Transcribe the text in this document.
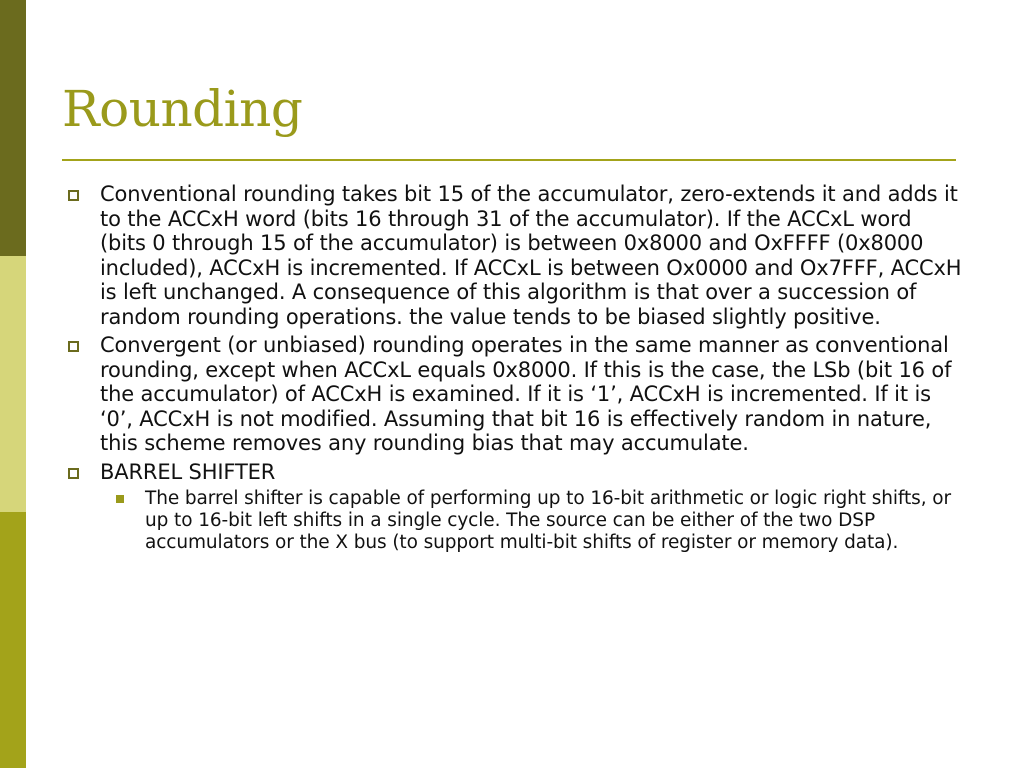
Rounding
Conventional rounding takes bit 15 of the accumulator, zero-extends it and adds it to the ACCxH word (bits 16 through 31 of the accumulator). If the ACCxL word (bits 0 through 15 of the accumulator) is between 0x8000 and OxFFFF (0x8000 included), ACCxH is incremented. If ACCxL is between Ox0000 and Ox7FFF, ACCxH is left unchanged. A consequence of this algorithm is that over a succession of random rounding operations. the value tends to be biased slightly positive.
Convergent (or unbiased) rounding operates in the same manner as conventional rounding, except when ACCxL equals 0x8000. If this is the case, the LSb (bit 16 of the accumulator) of ACCxH is examined. If it is ‘1’, ACCxH is incremented. If it is ‘0’, ACCxH is not modified. Assuming that bit 16 is effectively random in nature, this scheme removes any rounding bias that may accumulate.
BARREL SHIFTER
The barrel shifter is capable of performing up to 16-bit arithmetic or logic right shifts, or up to 16-bit left shifts in a single cycle. The source can be either of the two DSP accumulators or the X bus (to support multi-bit shifts of register or memory data).
